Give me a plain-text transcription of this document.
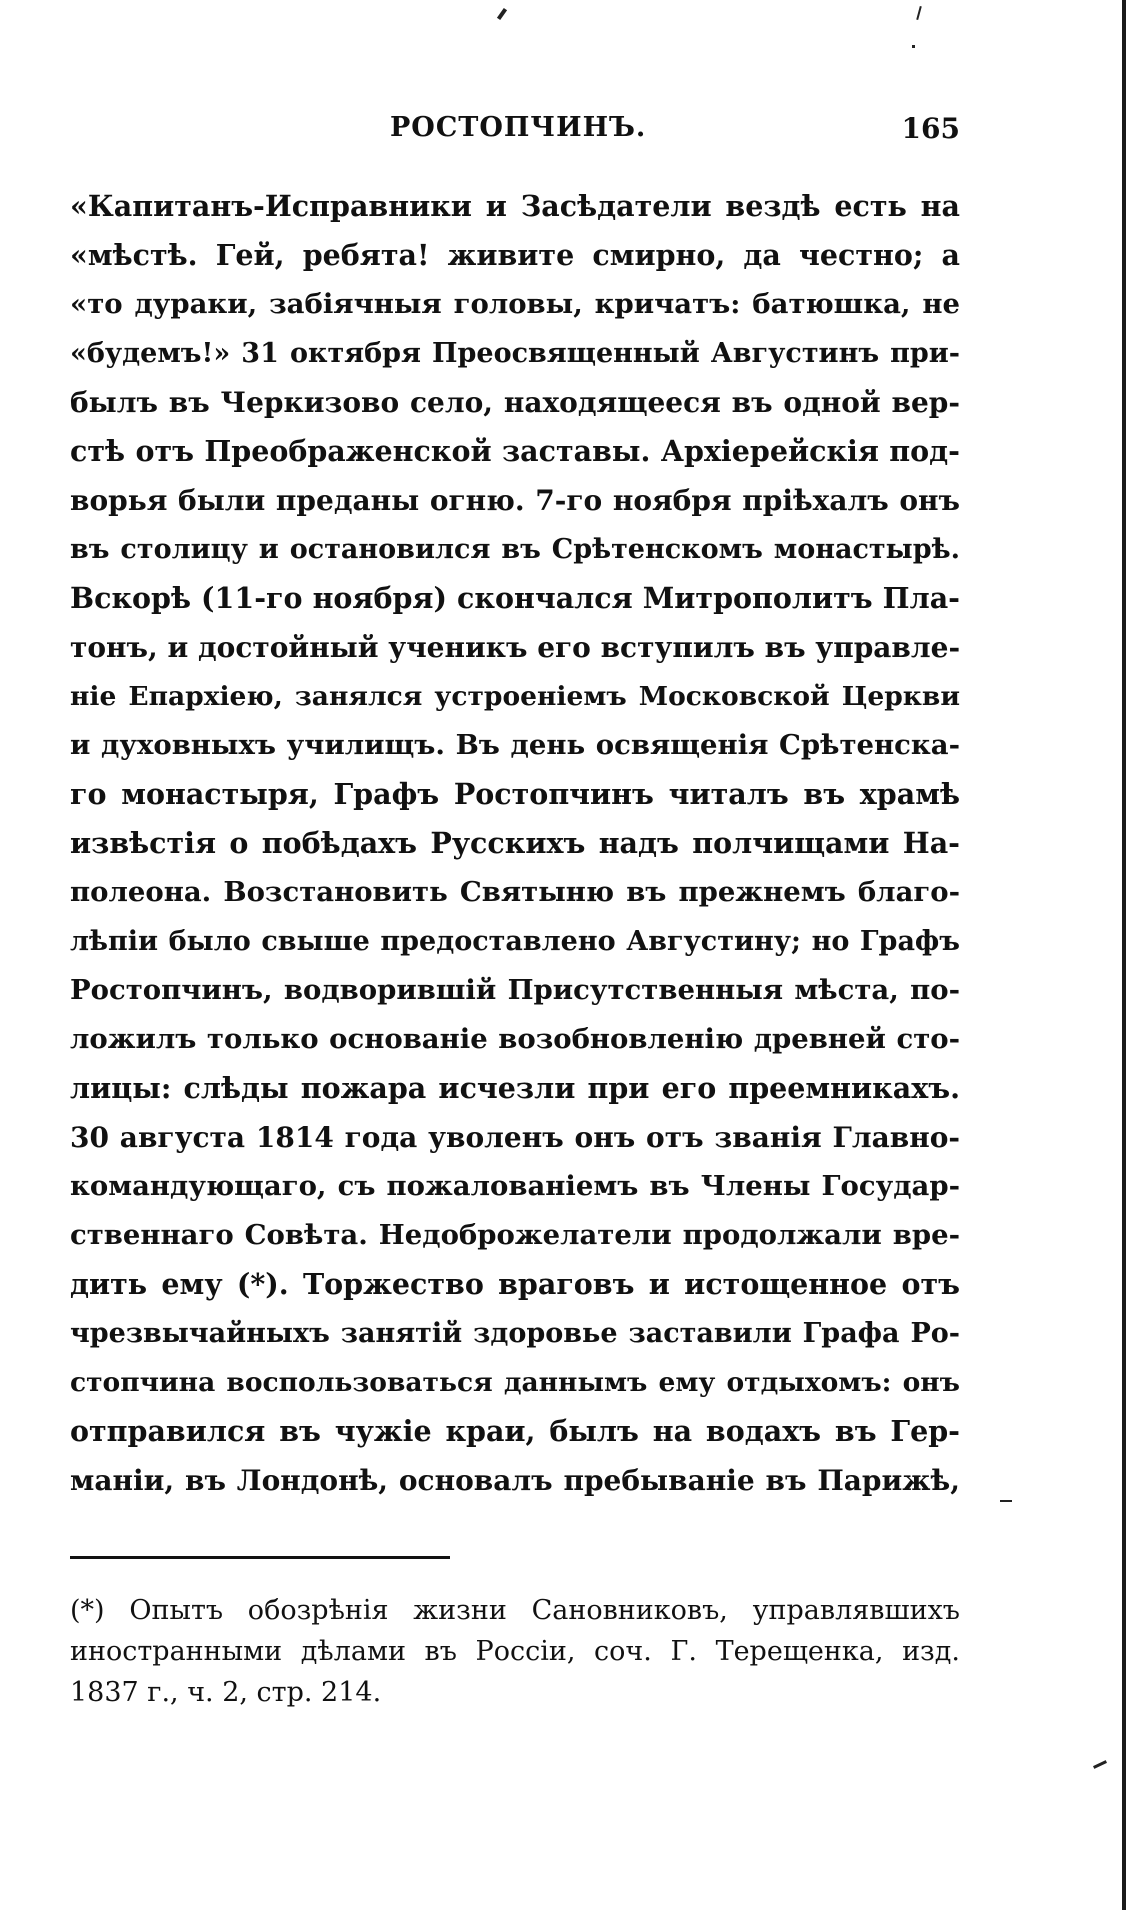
РОСТОПЧИНЪ.	165
«Капитанъ-Исправники и Засѣдатели вездѣ есть на
«мѣстѣ. Гей, ребята! живите смирно, да честно; а
«то дураки, забіячныя головы, кричатъ: батюшка, не
«будемъ!» 31 октября Преосвященный Августинъ при-
былъ въ Черкизово село, находящееся въ одной вер-
стѣ отъ Преображенской заставы. Архіерейскія под-
ворья были преданы огню. 7-го ноября пріѣхалъ онъ
въ столицу и остановился въ Срѣтенскомъ монастырѣ.
Вскорѣ (11-го ноября) скончался Митрополитъ Пла-
тонъ, и достойный ученикъ его вступилъ въ управле-
ніе Епархіею, занялся устроеніемъ Московской Церкви
и духовныхъ училищъ. Въ день освященія Срѣтенска-
го монастыря, Графъ Ростопчинъ читалъ въ храмѣ
извѣстія о побѣдахъ Русскихъ надъ полчищами На-
полеона. Возстановить Святыню въ прежнемъ благо-
лѣпіи было свыше предоставлено Августину; но Графъ
Ростопчинъ, водворившій Присутственныя мѣста, по-
ложилъ только основаніе возобновленію древней сто-
лицы: слѣды пожара исчезли при его преемникахъ.
30 августа 1814 года уволенъ онъ отъ званія Главно-
командующаго, съ пожалованіемъ въ Члены Государ-
ственнаго Совѣта. Недоброжелатели продолжали вре-
дить ему (*). Торжество враговъ и истощенное отъ
чрезвычайныхъ занятій здоровье заставили Графа Ро-
стопчина воспользоваться даннымъ ему отдыхомъ: онъ
отправился въ чужіе краи, былъ на водахъ въ Гер-
маніи, въ Лондонѣ, основалъ пребываніе въ Парижѣ,
(*) Опытъ обозрѣнія жизни Сановниковъ, управлявшихъ
иностранными дѣлами въ Россіи, соч. Г. Терещенка, изд.
1837 г., ч. 2, стр. 214.
